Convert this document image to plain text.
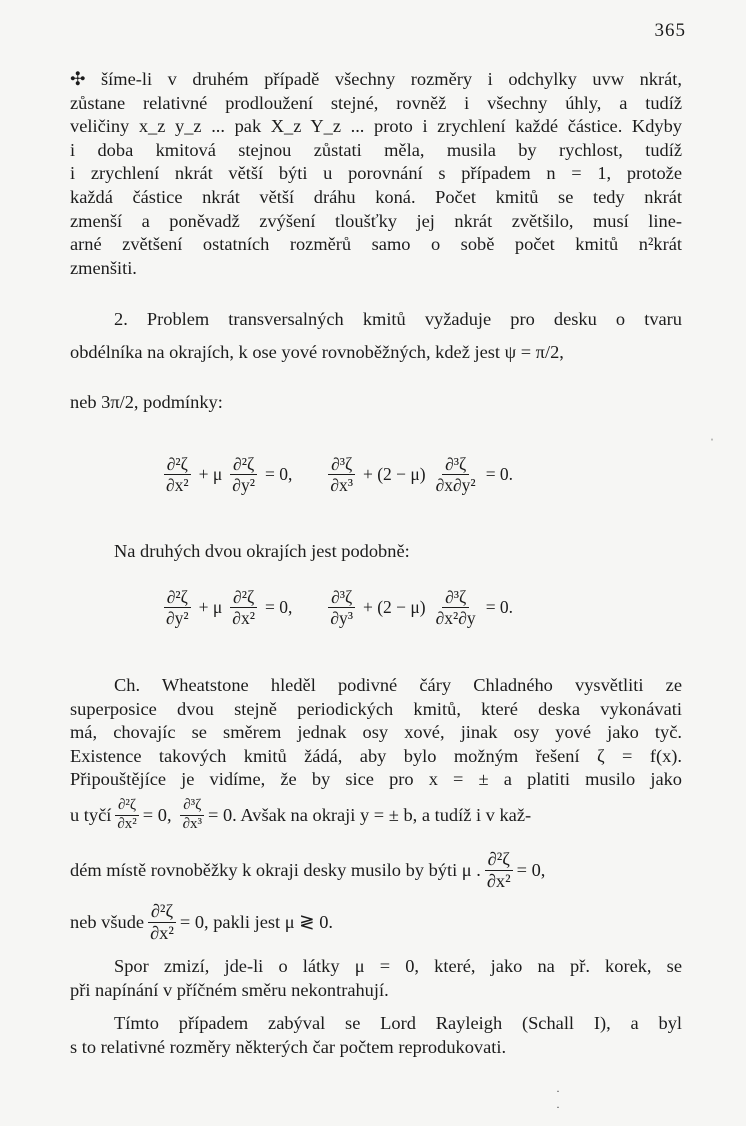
365
✣ šíme-li v druhém případě všechny rozměry i odchylky uvw nkrát,
zůstane relativné prodloužení stejné, rovněž i všechny úhly, a tudíž
veličiny x_z y_z ... pak X_z Y_z ... proto i zrychlení každé částice. Kdyby
i doba kmitová stejnou zůstati měla, musila by rychlost, tudíž
i zrychlení nkrát větší býti u porovnání s případem n = 1, protože
každá částice nkrát větší dráhu koná. Počet kmitů se tedy nkrát
zmenší a poněvadž zvýšení tloušťky jej nkrát zvětšilo, musí line-
arné zvětšení ostatních rozměrů samo o sobě počet kmitů n²krát
zmenšiti.
2. Problem transversalných kmitů vyžaduje pro desku o tvaru
obdélníka na okrajích, k ose yové rovnoběžných, kdež jest ψ = π/2,
neb 3π/2, podmínky:
$\frac{\text{∂²ζ}}{\text{∂x²}} + \mu \frac{\text{∂²ζ}}{\text{∂y²}} = 0$, $\frac{\text{∂³ζ}}{\text{∂x³}} + (2 - \mu) \frac{\text{∂³ζ}}{\text{∂x∂y²}} = 0$.
Na druhých dvou okrajích jest podobně:
$\frac{\text{∂²ζ}}{\text{∂y²}} + \mu \frac{\text{∂²ζ}}{\text{∂x²}} = 0$, $\frac{\text{∂³ζ}}{\text{∂y³}} + (2 - \mu) \frac{\text{∂³ζ}}{\text{∂x²∂y}} = 0$.
Ch. Wheatstone hleděl podivné čáry Chladného vysvětliti ze
superposice dvou stejně periodických kmitů, které deska vykonávati
má, chovajíc se směrem jednak osy xové, jinak osy yové jako tyč.
Existence takových kmitů žádá, aby bylo možným řešení ζ = f(x).
Připouštějíce je vidíme, že by sice pro x = ± a platiti musilo jako
u tyčí $\frac{\text{∂²ζ}}{\text{∂x²}} = 0$, $\frac{\text{∂³ζ}}{\text{∂x³}} = 0$. Avšak na okraji y = ± b, a tudíž i v kaž-
dém místě rovnoběžky k okraji desky musilo by býti μ . $\frac{\text{∂²ζ}}{\text{∂x²}} = 0$,
neb všude $\frac{\text{∂²ζ}}{\text{∂x²}} = 0$, pakli jest μ ≷ 0.
Spor zmizí, jde-li o látky μ = 0, které, jako na př. korek, se
při napínání v příčném směru nekontrahují.
Tímto případem zabýval se Lord Rayleigh (Schall I), a byl
s to relativné rozměry některých čar počtem reprodukovati.
ˈ
·
·
